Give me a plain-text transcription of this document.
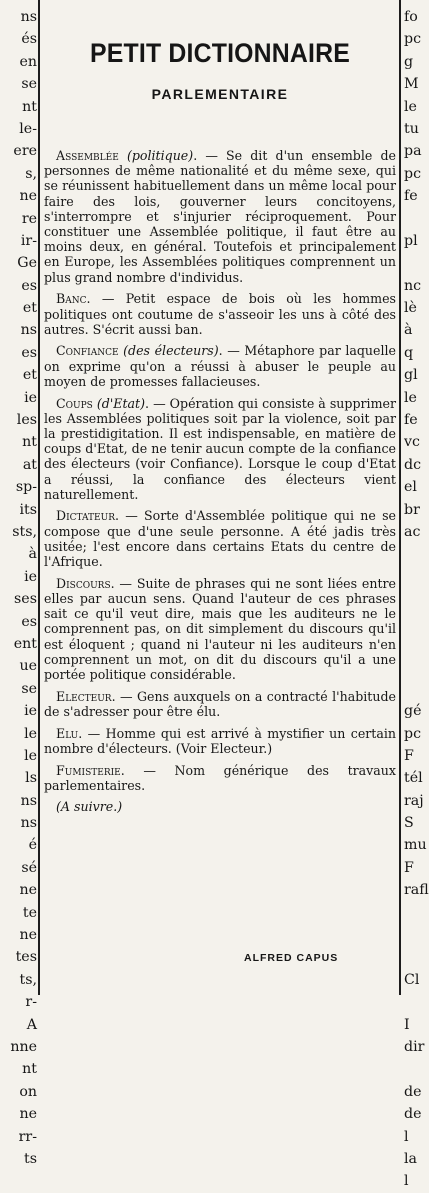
ns
és
en
se
nt
le-
ere
s,
ne
re
ir-
Ge
es
et
ns
es
et
ie
les
nt
at
sp-
its
sts,
à
ie
ses
es
ent
ue
se
ie
le
le
ls
ns
ns
é
sé
ne
te
ne
tes
ts,
r-
A
nne
nt
on
ne
rr-
ts
fo
pc
g
M
le
tu
pa
pc
fe
pl
nc
lè
à
q
gl
le
fe
vc
dc
el
br
ac
gé
pc
F
tél
raj
S
mu
F
rafl
Cl
I
dir
de
de
l
la
l
PETIT DICTIONNAIRE
PARLEMENTAIRE

Assemblée (politique). — Se dit d'un ensemble de personnes de même nationalité et du même sexe, qui se réunissent habituellement dans un même local pour faire des lois, gouverner leurs concitoyens, s'interrompre et s'injurier réciproquement. Pour constituer une Assemblée politique, il faut être au moins deux, en général. Toutefois et principalement en Europe, les Assemblées politiques comprennent un plus grand nombre d'individus.

Banc. — Petit espace de bois où les hommes politiques ont coutume de s'asseoir les uns à côté des autres. S'écrit aussi ban.

Confiance (des électeurs). — Métaphore par laquelle on exprime qu'on a réussi à abuser le peuple au moyen de promesses fallacieuses.

Coups (d'Etat). — Opération qui consiste à supprimer les Assemblées politiques soit par la violence, soit par la prestidigitation. Il est indispensable, en matière de coups d'Etat, de ne tenir aucun compte de la confiance des électeurs (voir Confiance). Lorsque le coup d'Etat a réussi, la confiance des électeurs vient naturellement.

Dictateur. — Sorte d'Assemblée politique qui ne se compose que d'une seule personne. A été jadis très usitée; l'est encore dans certains Etats du centre de l'Afrique.

Discours. — Suite de phrases qui ne sont liées entre elles par aucun sens. Quand l'auteur de ces phrases sait ce qu'il veut dire, mais que les auditeurs ne le comprennent pas, on dit simplement du discours qu'il est éloquent ; quand ni l'auteur ni les auditeurs n'en comprennent un mot, on dit du discours qu'il a une portée politique considérable.

Electeur. — Gens auxquels on a contracté l'habitude de s'adresser pour être élu.

Elu. — Homme qui est arrivé à mystifier un certain nombre d'électeurs. (Voir Electeur.)

Fumisterie. — Nom générique des travaux parlementaires.

(A suivre.)
ALFRED CAPUS
